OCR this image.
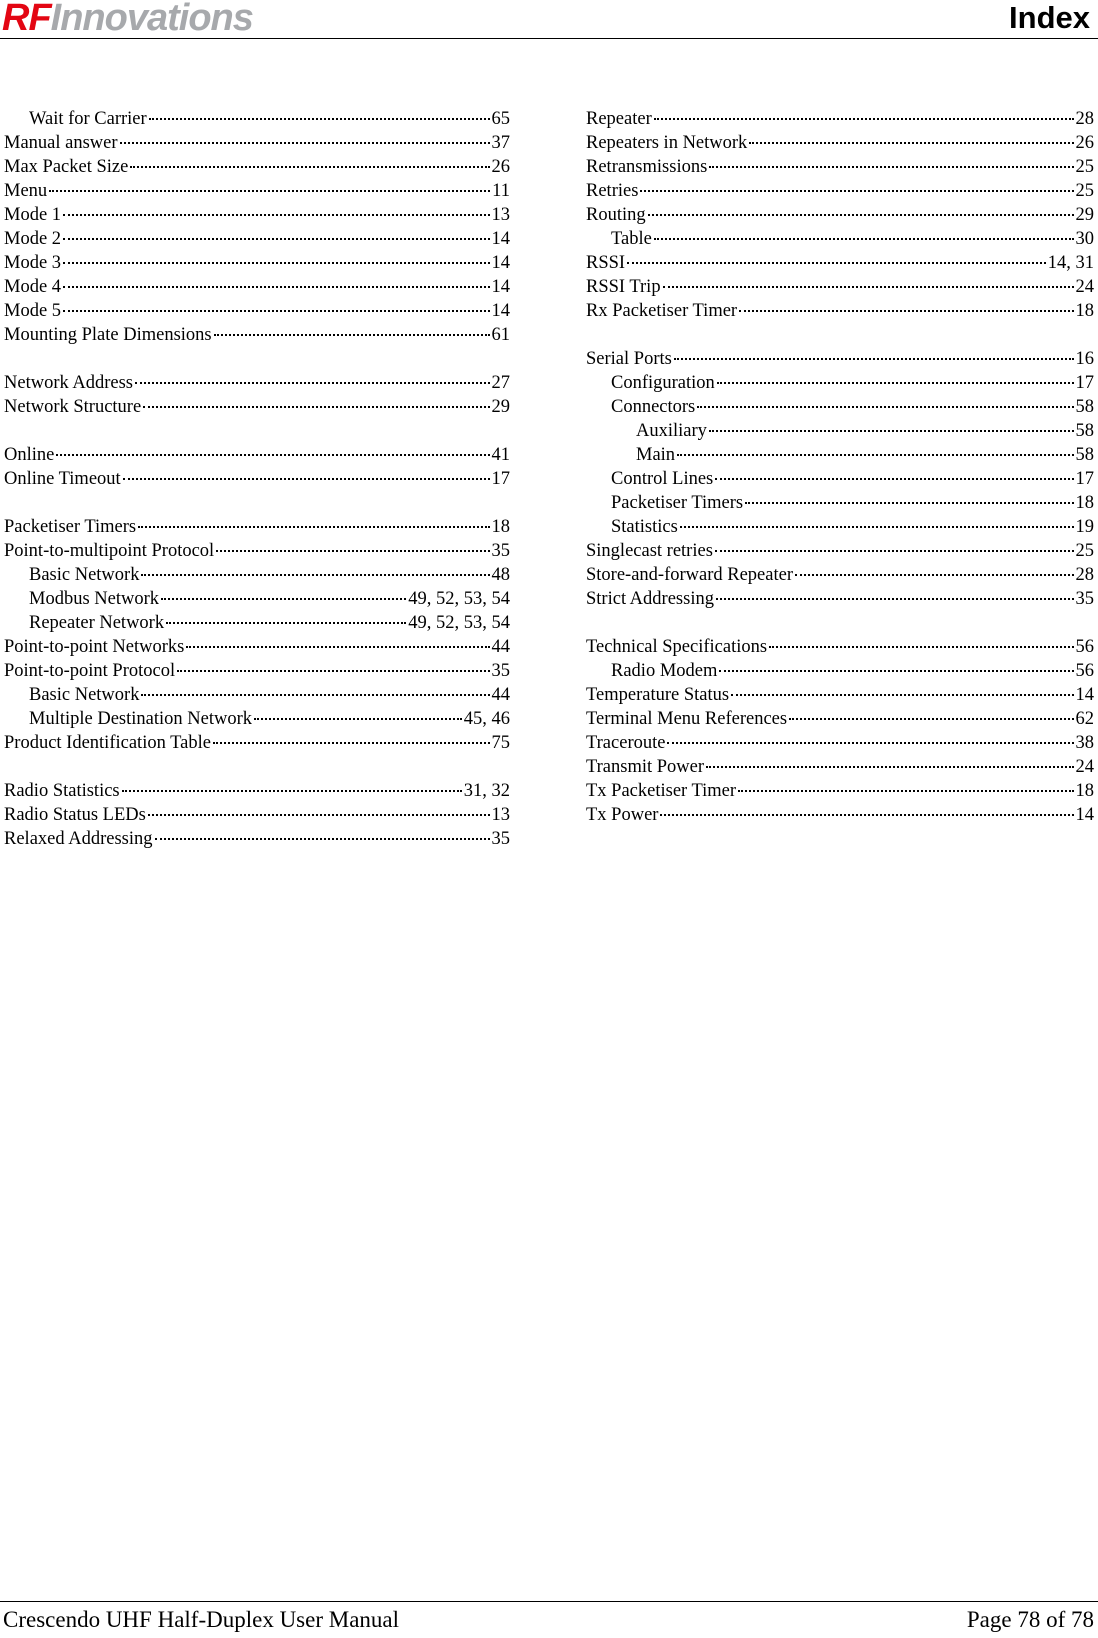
RFInnovations	Index
Wait for Carrier	65
Manual answer	37
Max Packet Size	26
Menu	11
Mode 1	13
Mode 2	14
Mode 3	14
Mode 4	14
Mode 5	14
Mounting Plate Dimensions	61
Network Address	27
Network Structure	29
Online	41
Online Timeout	17
Packetiser Timers	18
Point-to-multipoint Protocol	35
Basic Network	48
Modbus Network	49, 52, 53, 54
Repeater Network	49, 52, 53, 54
Point-to-point Networks	44
Point-to-point Protocol	35
Basic Network	44
Multiple Destination Network	45, 46
Product Identification Table	75
Radio Statistics	31, 32
Radio Status LEDs	13
Relaxed Addressing	35
Repeater	28
Repeaters in Network	26
Retransmissions	25
Retries	25
Routing	29
Table	30
RSSI	14, 31
RSSI Trip	24
Rx Packetiser Timer	18
Serial Ports	16
Configuration	17
Connectors	58
Auxiliary	58
Main	58
Control Lines	17
Packetiser Timers	18
Statistics	19
Singlecast retries	25
Store-and-forward Repeater	28
Strict Addressing	35
Technical Specifications	56
Radio Modem	56
Temperature Status	14
Terminal Menu References	62
Traceroute	38
Transmit Power	24
Tx Packetiser Timer	18
Tx Power	14
Crescendo UHF Half-Duplex User Manual	Page 78 of 78
